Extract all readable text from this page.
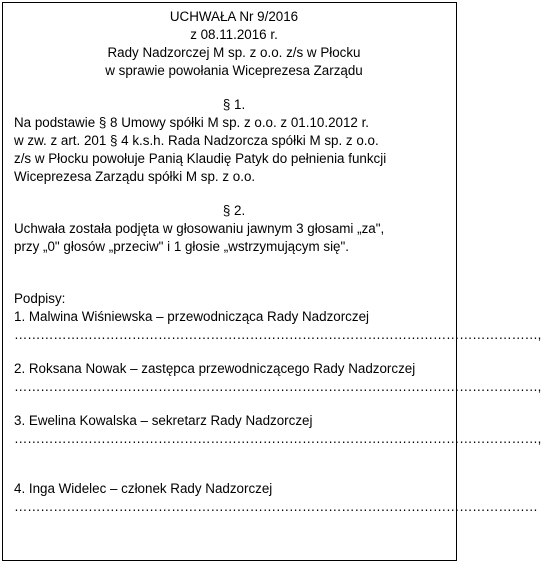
UCHWAŁA Nr 9/2016
z 08.11.2016 r.
Rady Nadzorczej M sp. z o.o. z/s w Płocku
w sprawie powołania Wiceprezesa Zarządu
§ 1.
Na podstawie § 8 Umowy spółki M sp. z o.o. z 01.10.2012 r.
w zw. z art. 201 § 4 k.s.h. Rada Nadzorcza spółki M sp. z o.o.
z/s w Płocku powołuje Panią Klaudię Patyk do pełnienia funkcji
Wiceprezesa Zarządu spółki M sp. z o.o.
§ 2.
Uchwała została podjęta w głosowaniu jawnym 3 głosami „za",
przy „0" głosów „przeciw" i 1 głosie „wstrzymującym się".
Podpisy:
1. Malwina Wiśniewska – przewodnicząca Rady Nadzorczej
…………………………………………………………………………………………………………,
2. Roksana Nowak – zastępca przewodniczącego Rady Nadzorczej
…………………………………………………………………………………………………………,
3. Ewelina Kowalska – sekretarz Rady Nadzorczej
…………………………………………………………………………………………………………,
4. Inga Widelec – członek Rady Nadzorczej
…………………………………………………………………………………………………………
